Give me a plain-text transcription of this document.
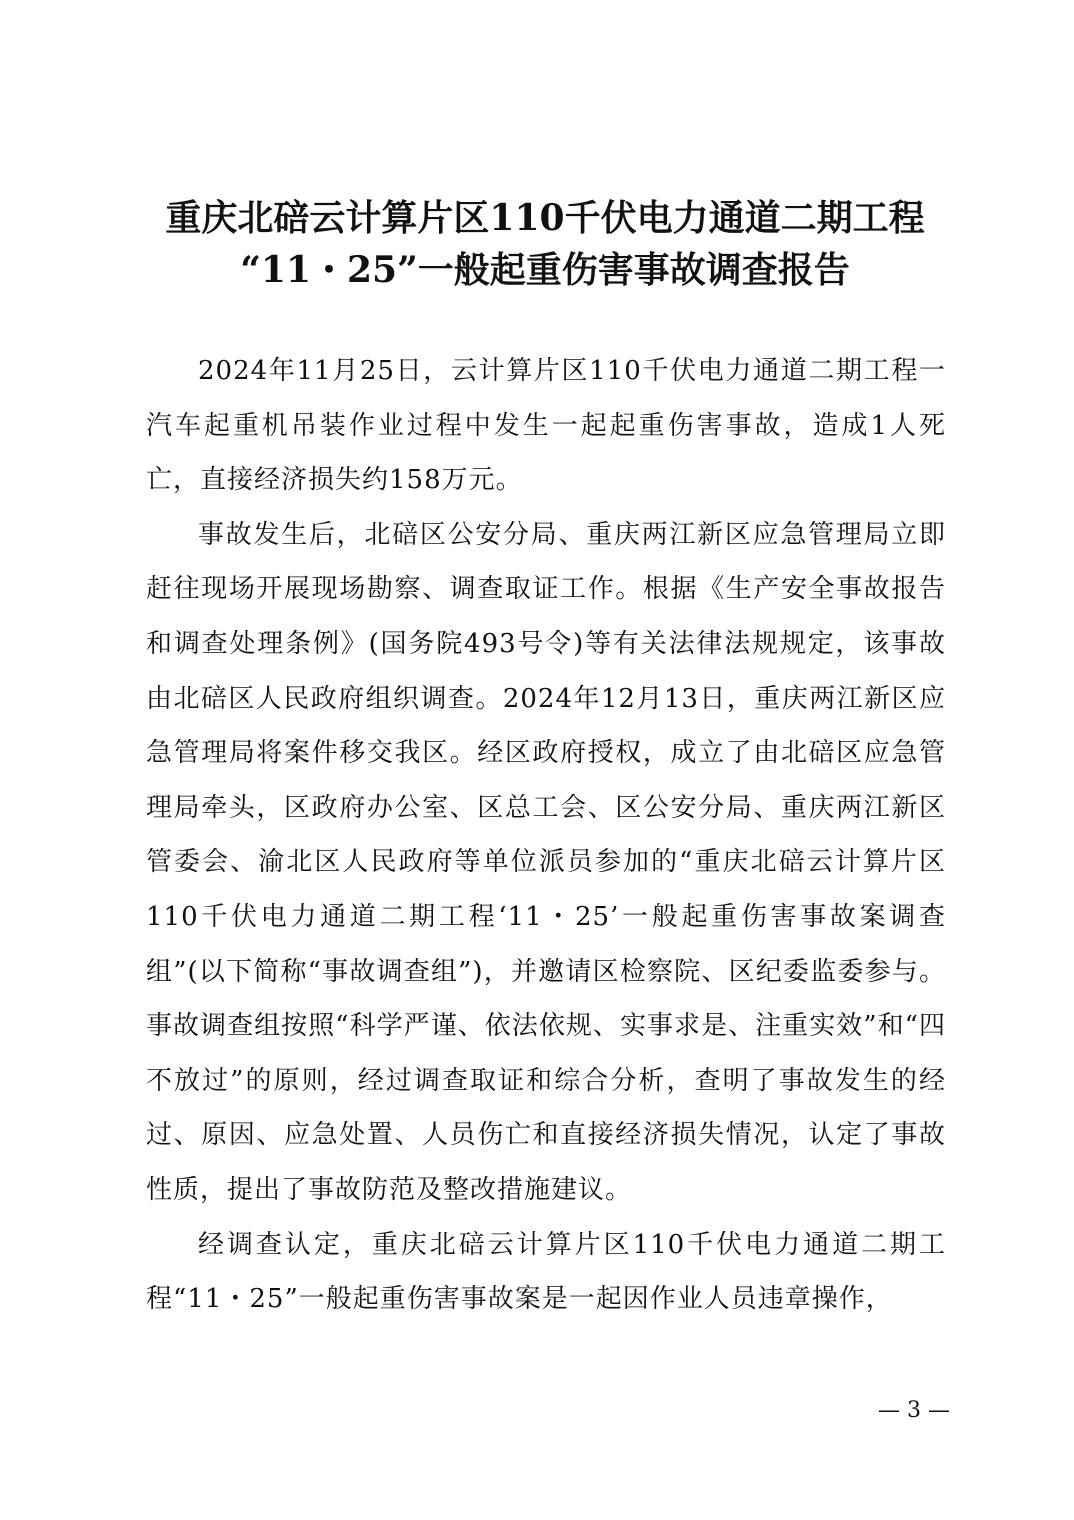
重庆北碚云计算片区110千伏电力通道二期工程
“11・25”一般起重伤害事故调查报告

2024年11月25日，云计算片区110千伏电力通道二期工程一汽车起重机吊装作业过程中发生一起起重伤害事故，造成1人死亡，直接经济损失约158万元。

事故发生后，北碚区公安分局、重庆两江新区应急管理局立即赶往现场开展现场勘察、调查取证工作。根据《生产安全事故报告和调查处理条例》(国务院493号令)等有关法律法规规定，该事故由北碚区人民政府组织调查。2024年12月13日，重庆两江新区应急管理局将案件移交我区。经区政府授权，成立了由北碚区应急管理局牵头，区政府办公室、区总工会、区公安分局、重庆两江新区管委会、渝北区人民政府等单位派员参加的“重庆北碚云计算片区110千伏电力通道二期工程‘11・25’一般起重伤害事故案调查组”(以下简称“事故调查组”)，并邀请区检察院、区纪委监委参与。事故调查组按照“科学严谨、依法依规、实事求是、注重实效”和“四不放过”的原则，经过调查取证和综合分析，查明了事故发生的经过、原因、应急处置、人员伤亡和直接经济损失情况，认定了事故性质，提出了事故防范及整改措施建议。

经调查认定，重庆北碚云计算片区110千伏电力通道二期工程“11・25”一般起重伤害事故案是一起因作业人员违章操作，

— 3 —
